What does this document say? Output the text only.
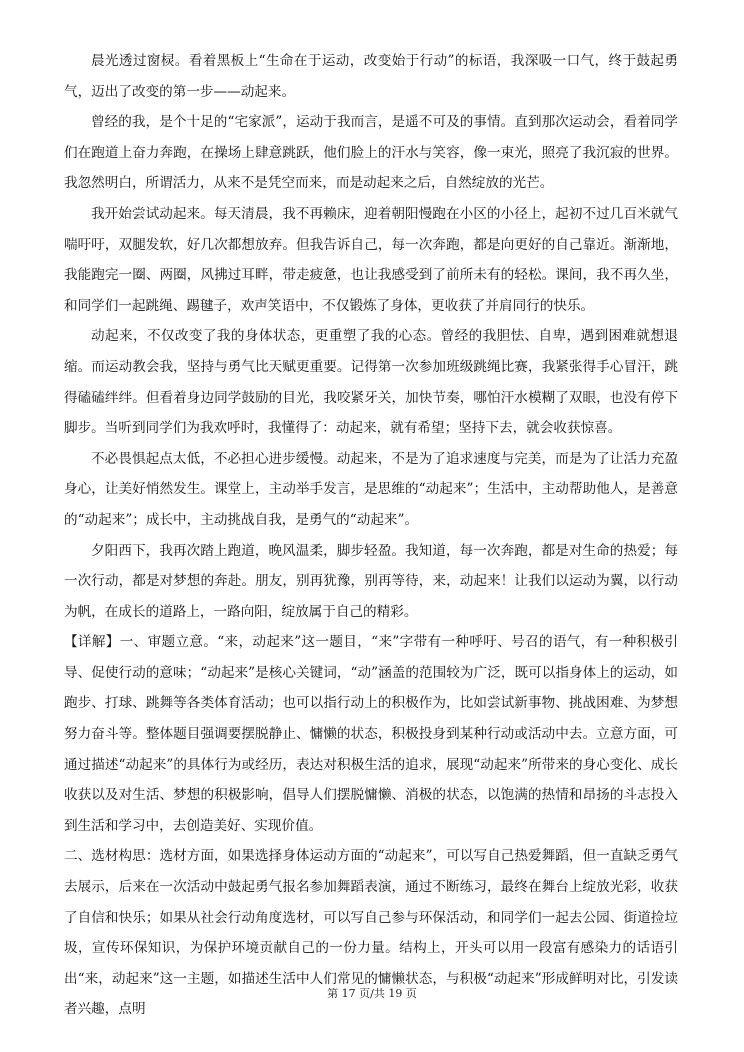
晨光透过窗棂。看着黑板上“生命在于运动，改变始于行动”的标语，我深吸一口气，终于鼓起勇气，迈出了改变的第一步——动起来。

曾经的我，是个十足的“宅家派”，运动于我而言，是遥不可及的事情。直到那次运动会，看着同学们在跑道上奋力奔跑，在操场上肆意跳跃，他们脸上的汗水与笑容，像一束光，照亮了我沉寂的世界。我忽然明白，所谓活力，从来不是凭空而来，而是动起来之后，自然绽放的光芒。

我开始尝试动起来。每天清晨，我不再赖床，迎着朝阳慢跑在小区的小径上，起初不过几百米就气喘吁吁，双腿发软，好几次都想放弃。但我告诉自己，每一次奔跑，都是向更好的自己靠近。渐渐地，我能跑完一圈、两圈，风拂过耳畔，带走疲惫，也让我感受到了前所未有的轻松。课间，我不再久坐，和同学们一起跳绳、踢毽子，欢声笑语中，不仅锻炼了身体，更收获了并肩同行的快乐。

动起来，不仅改变了我的身体状态，更重塑了我的心态。曾经的我胆怯、自卑，遇到困难就想退缩。而运动教会我，坚持与勇气比天赋更重要。记得第一次参加班级跳绳比赛，我紧张得手心冒汗，跳得磕磕绊绊。但看着身边同学鼓励的目光，我咬紧牙关，加快节奏，哪怕汗水模糊了双眼，也没有停下脚步。当听到同学们为我欢呼时，我懂得了：动起来，就有希望；坚持下去，就会收获惊喜。

不必畏惧起点太低，不必担心进步缓慢。动起来，不是为了追求速度与完美，而是为了让活力充盈身心，让美好悄然发生。课堂上，主动举手发言，是思维的“动起来”；生活中，主动帮助他人，是善意的“动起来”；成长中，主动挑战自我，是勇气的“动起来”。

夕阳西下，我再次踏上跑道，晚风温柔，脚步轻盈。我知道，每一次奔跑，都是对生命的热爱；每一次行动，都是对梦想的奔赴。朋友，别再犹豫，别再等待，来，动起来！让我们以运动为翼，以行动为帆，在成长的道路上，一路向阳，绽放属于自己的精彩。

【详解】一、审题立意。“来，动起来”这一题目，“来”字带有一种呼吁、号召的语气，有一种积极引导、促使行动的意味；“动起来”是核心关键词，“动”涵盖的范围较为广泛，既可以指身体上的运动，如跑步、打球、跳舞等各类体育活动；也可以指行动上的积极作为，比如尝试新事物、挑战困难、为梦想努力奋斗等。整体题目强调要摆脱静止、慵懒的状态，积极投身到某种行动或活动中去。立意方面，可通过描述“动起来”的具体行为或经历，表达对积极生活的追求，展现“动起来”所带来的身心变化、成长收获以及对生活、梦想的积极影响，倡导人们摆脱慵懒、消极的状态，以饱满的热情和昂扬的斗志投入到生活和学习中，去创造美好、实现价值。

二、选材构思：选材方面，如果选择身体运动方面的“动起来”，可以写自己热爱舞蹈，但一直缺乏勇气去展示，后来在一次活动中鼓起勇气报名参加舞蹈表演，通过不断练习，最终在舞台上绽放光彩，收获了自信和快乐；如果从社会行动角度选材，可以写自己参与环保活动，和同学们一起去公园、街道捡垃圾，宣传环保知识，为保护环境贡献自己的一份力量。结构上，开头可以用一段富有感染力的话语引出“来，动起来”这一主题，如描述生活中人们常见的慵懒状态，与积极“动起来”形成鲜明对比，引发读者兴趣，点明

第 17 页/共 19 页
